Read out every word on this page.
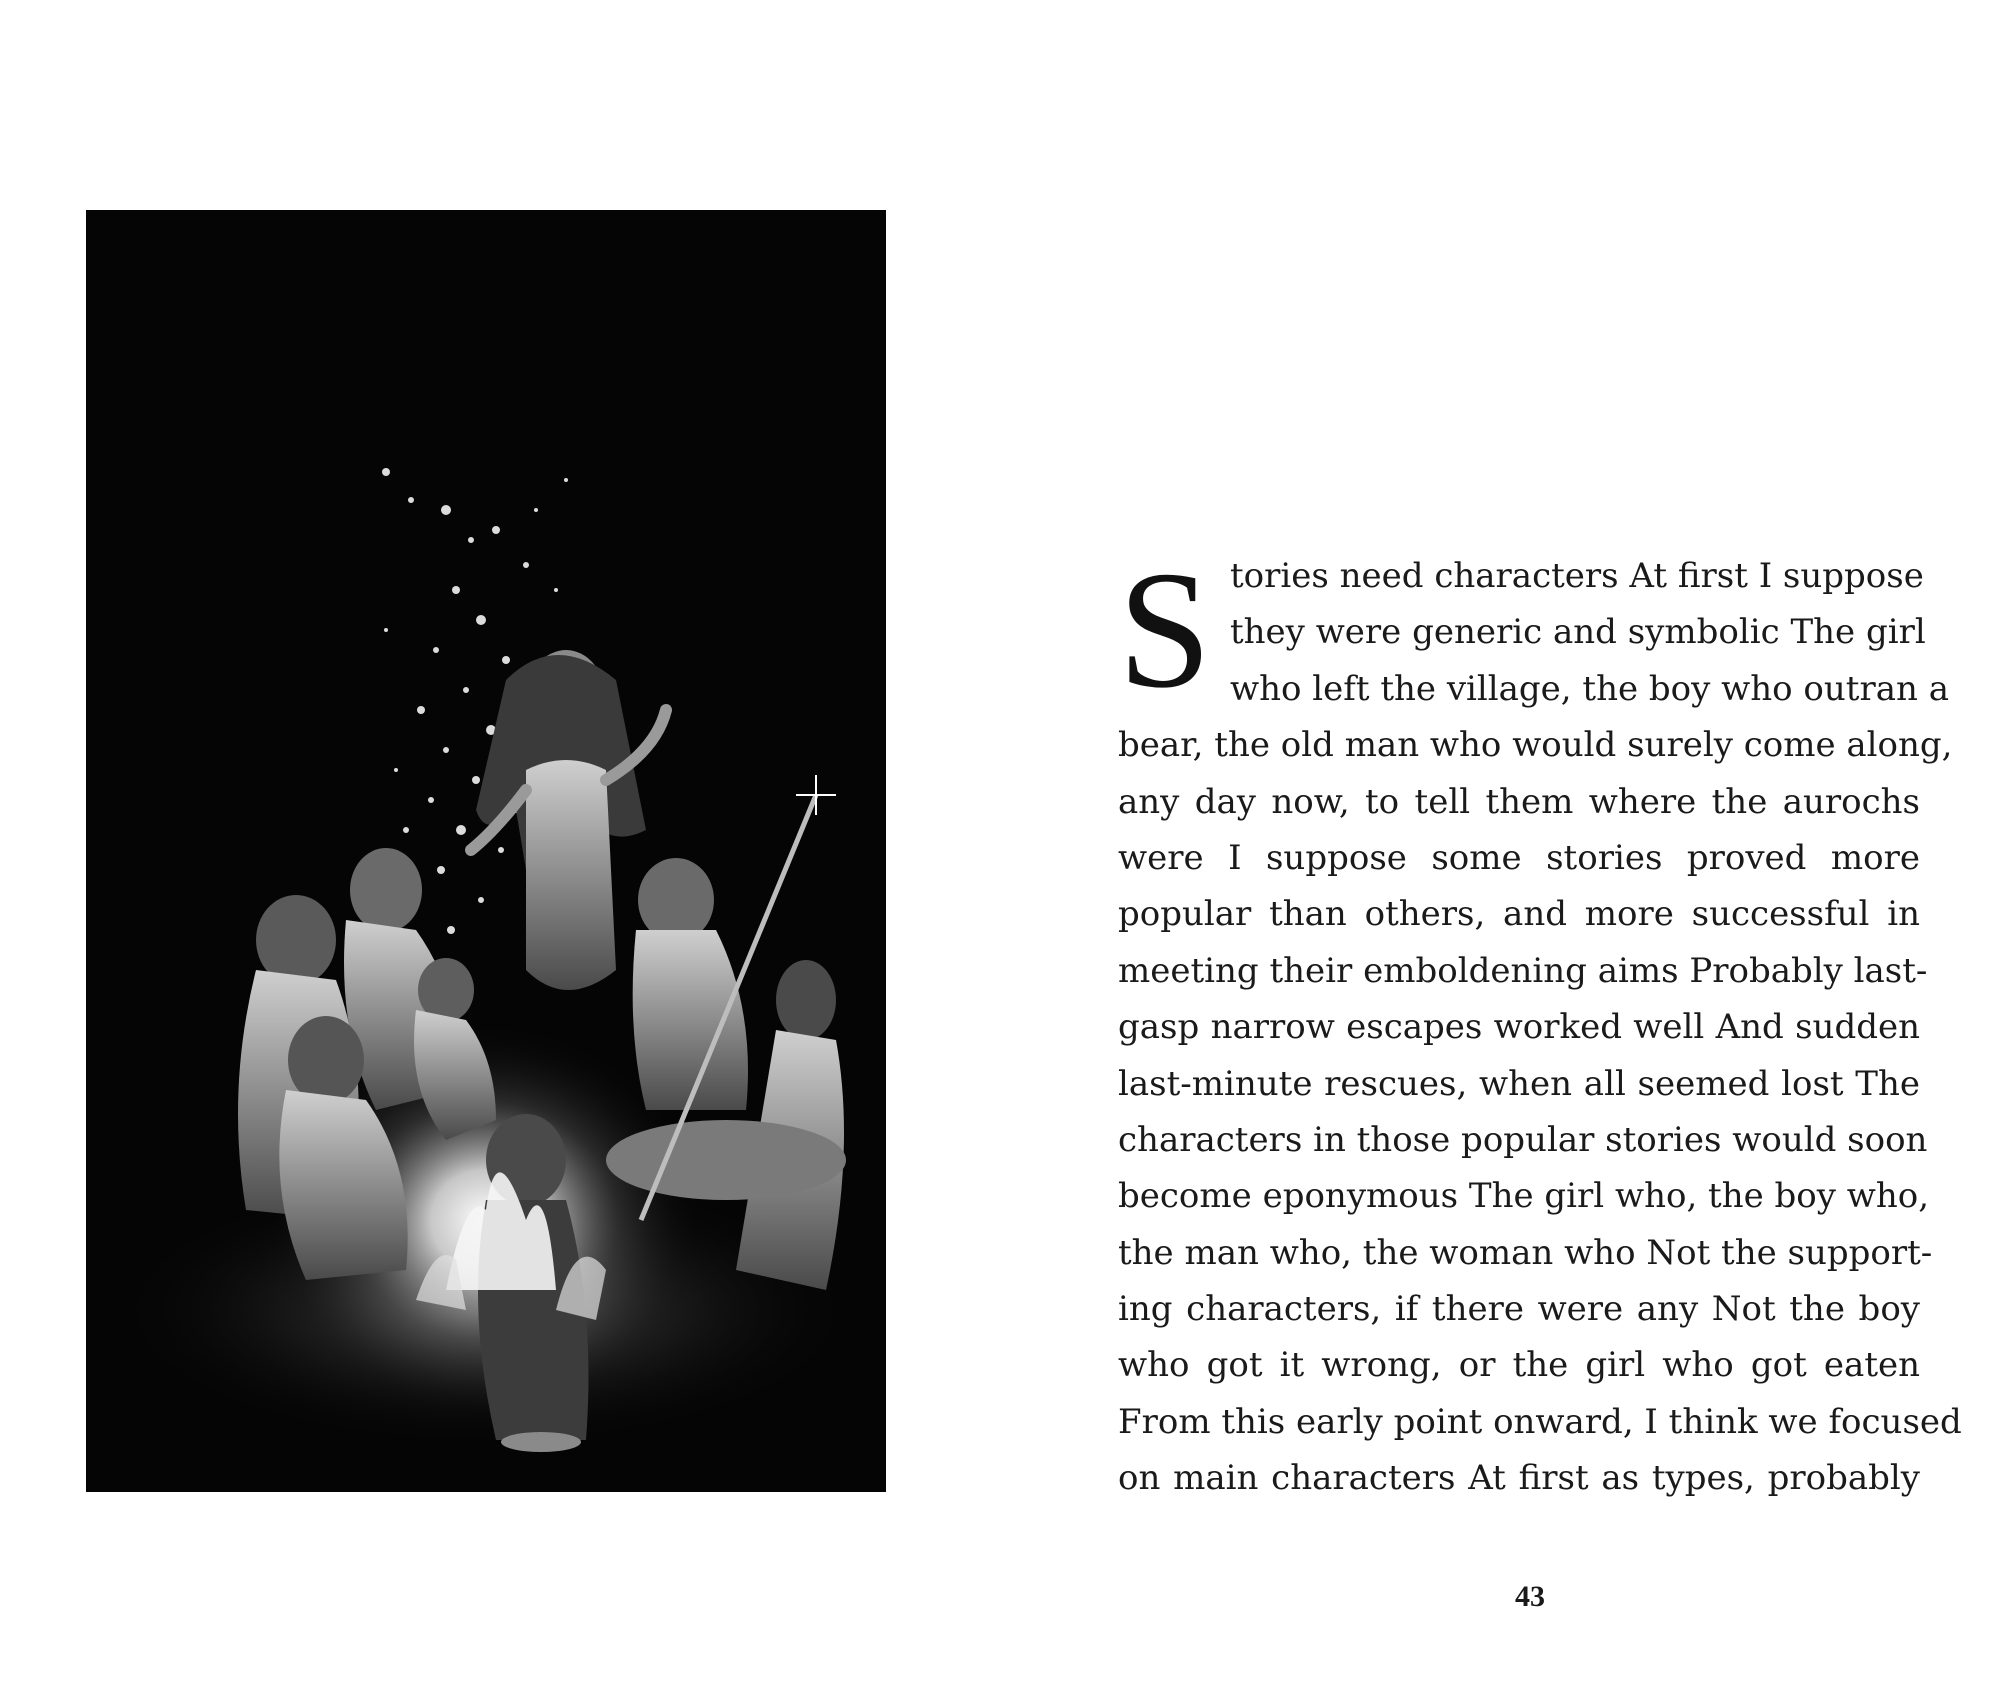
S tories need characters At first I suppose
they were generic and symbolic The girl
who left the village, the boy who outran a
bear, the old man who would surely come along,
any day now, to tell them where the aurochs
were I suppose some stories proved more
popular than others, and more successful in
meeting their emboldening aims Probably last-
gasp narrow escapes worked well And sudden
last-minute rescues, when all seemed lost The
characters in those popular stories would soon
become eponymous The girl who, the boy who,
the man who, the woman who Not the support-
ing characters, if there were any Not the boy
who got it wrong, or the girl who got eaten
From this early point onward, I think we focused
on main characters At first as types, probably
43
